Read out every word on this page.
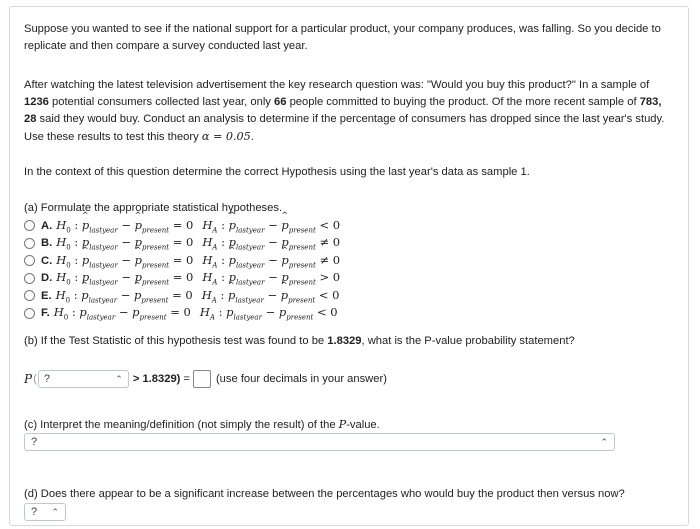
Suppose you wanted to see if the national support for a particular product, your company produces, was falling. So you decide to replicate and then compare a survey conducted last year.

After watching the latest television advertisement the key research question was: "Would you buy this product?" In a sample of 1236 potential consumers collected last year, only 66 people committed to buying the product. Of the more recent sample of 783, 28 said they would buy. Conduct an analysis to determine if the percentage of consumers has dropped since the last year's study. Use these results to test this theory α = 0.05.

In the context of this question determine the correct Hypothesis using the last year's data as sample 1.

(a) Formulate the appropriate statistical hypotheses.

A. $H_0$ : ^ $p_{lastyear}$ − ^ $p_{present} = 0$ $H_A$ : ^ $p_{lastyear}$ − ^ $p_{present} < 0$
B. $H_0$ : $p_{lastyear} - p_{present} = 0$ $H_A$ : $p_{lastyear} - p_{present} \ne 0$
C. $H_0$ : ^ $p_{lastyear}$ − ^ $p_{present} = 0$ $H_A$ : ^ $p_{lastyear}$ − ^ $p_{present} \ne 0$
D. $H_0$ : $p_{lastyear} - p_{present} = 0$ $H_A$ : $p_{lastyear} - p_{present} > 0$
E. $H_0$ : ^ $p_{lastyear}$ − ^ $p_{present} = 0$ $H_A$ : ^ $p_{lastyear}$ − ^ $p_{present} < 0$
F. $H_0$ : $p_{lastyear} - p_{present} = 0$ $H_A$ : $p_{lastyear} - p_{present} < 0$

(b) If the Test Statistic of this hypothesis test was found to be 1.8329, what is the P-value probability statement?

P ( ?	⌃ > 1.8329) = (use four decimals in your answer)

(c) Interpret the meaning/definition (not simply the result) of the P-value.

?	⌃

(d) Does there appear to be a significant increase between the percentages who would buy the product then versus now?

? ⌃
